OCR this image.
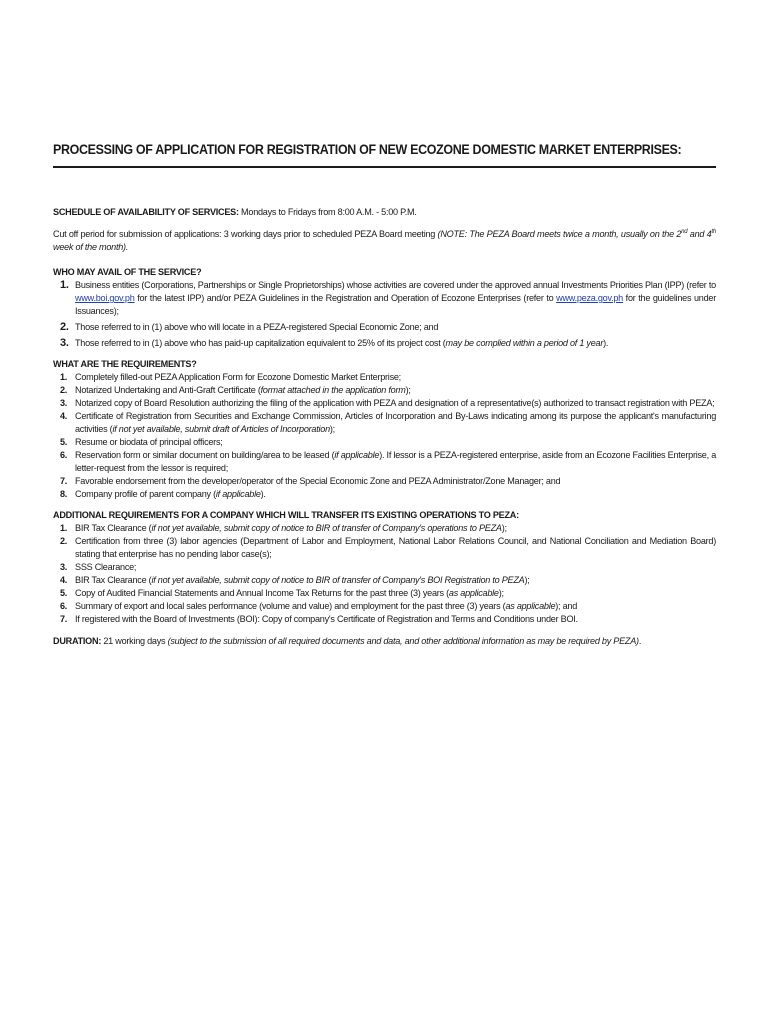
PROCESSING OF APPLICATION FOR REGISTRATION OF NEW ECOZONE DOMESTIC MARKET ENTERPRISES:

SCHEDULE OF AVAILABILITY OF SERVICES: Mondays to Fridays from 8:00 A.M. - 5:00 P.M.

Cut off period for submission of applications: 3 working days prior to scheduled PEZA Board meeting (NOTE: The PEZA Board meets twice a month, usually on the 2nd and 4th week of the month).

WHO MAY AVAIL OF THE SERVICE?

1. Business entities (Corporations, Partnerships or Single Proprietorships) whose activities are covered under the approved annual Investments Priorities Plan (IPP) (refer to www.boi.gov.ph for the latest IPP) and/or PEZA Guidelines in the Registration and Operation of Ecozone Enterprises (refer to www.peza.gov.ph for the guidelines under Issuances);
2. Those referred to in (1) above who will locate in a PEZA-registered Special Economic Zone; and
3. Those referred to in (1) above who has paid-up capitalization equivalent to 25% of its project cost (may be complied within a period of 1 year).

WHAT ARE THE REQUIREMENTS?

1. Completely filled-out PEZA Application Form for Ecozone Domestic Market Enterprise;
2. Notarized Undertaking and Anti-Graft Certificate (format attached in the application form);
3. Notarized copy of Board Resolution authorizing the filing of the application with PEZA and designation of a representative(s) authorized to transact registration with PEZA;
4. Certificate of Registration from Securities and Exchange Commission, Articles of Incorporation and By-Laws indicating among its purpose the applicant's manufacturing activities (if not yet available, submit draft of Articles of Incorporation);
5. Resume or biodata of principal officers;
6. Reservation form or similar document on building/area to be leased (if applicable). If lessor is a PEZA-registered enterprise, aside from an Ecozone Facilities Enterprise, a letter-request from the lessor is required;
7. Favorable endorsement from the developer/operator of the Special Economic Zone and PEZA Administrator/Zone Manager; and
8. Company profile of parent company (if applicable).

ADDITIONAL REQUIREMENTS FOR A COMPANY WHICH WILL TRANSFER ITS EXISTING OPERATIONS TO PEZA:

1. BIR Tax Clearance (if not yet available, submit copy of notice to BIR of transfer of Company's operations to PEZA);
2. Certification from three (3) labor agencies (Department of Labor and Employment, National Labor Relations Council, and National Conciliation and Mediation Board) stating that enterprise has no pending labor case(s);
3. SSS Clearance;
4. BIR Tax Clearance (if not yet available, submit copy of notice to BIR of transfer of Company's BOI Registration to PEZA);
5. Copy of Audited Financial Statements and Annual Income Tax Returns for the past three (3) years (as applicable);
6. Summary of export and local sales performance (volume and value) and employment for the past three (3) years (as applicable); and
7. If registered with the Board of Investments (BOI): Copy of company's Certificate of Registration and Terms and Conditions under BOI.

DURATION: 21 working days (subject to the submission of all required documents and data, and other additional information as may be required by PEZA).
